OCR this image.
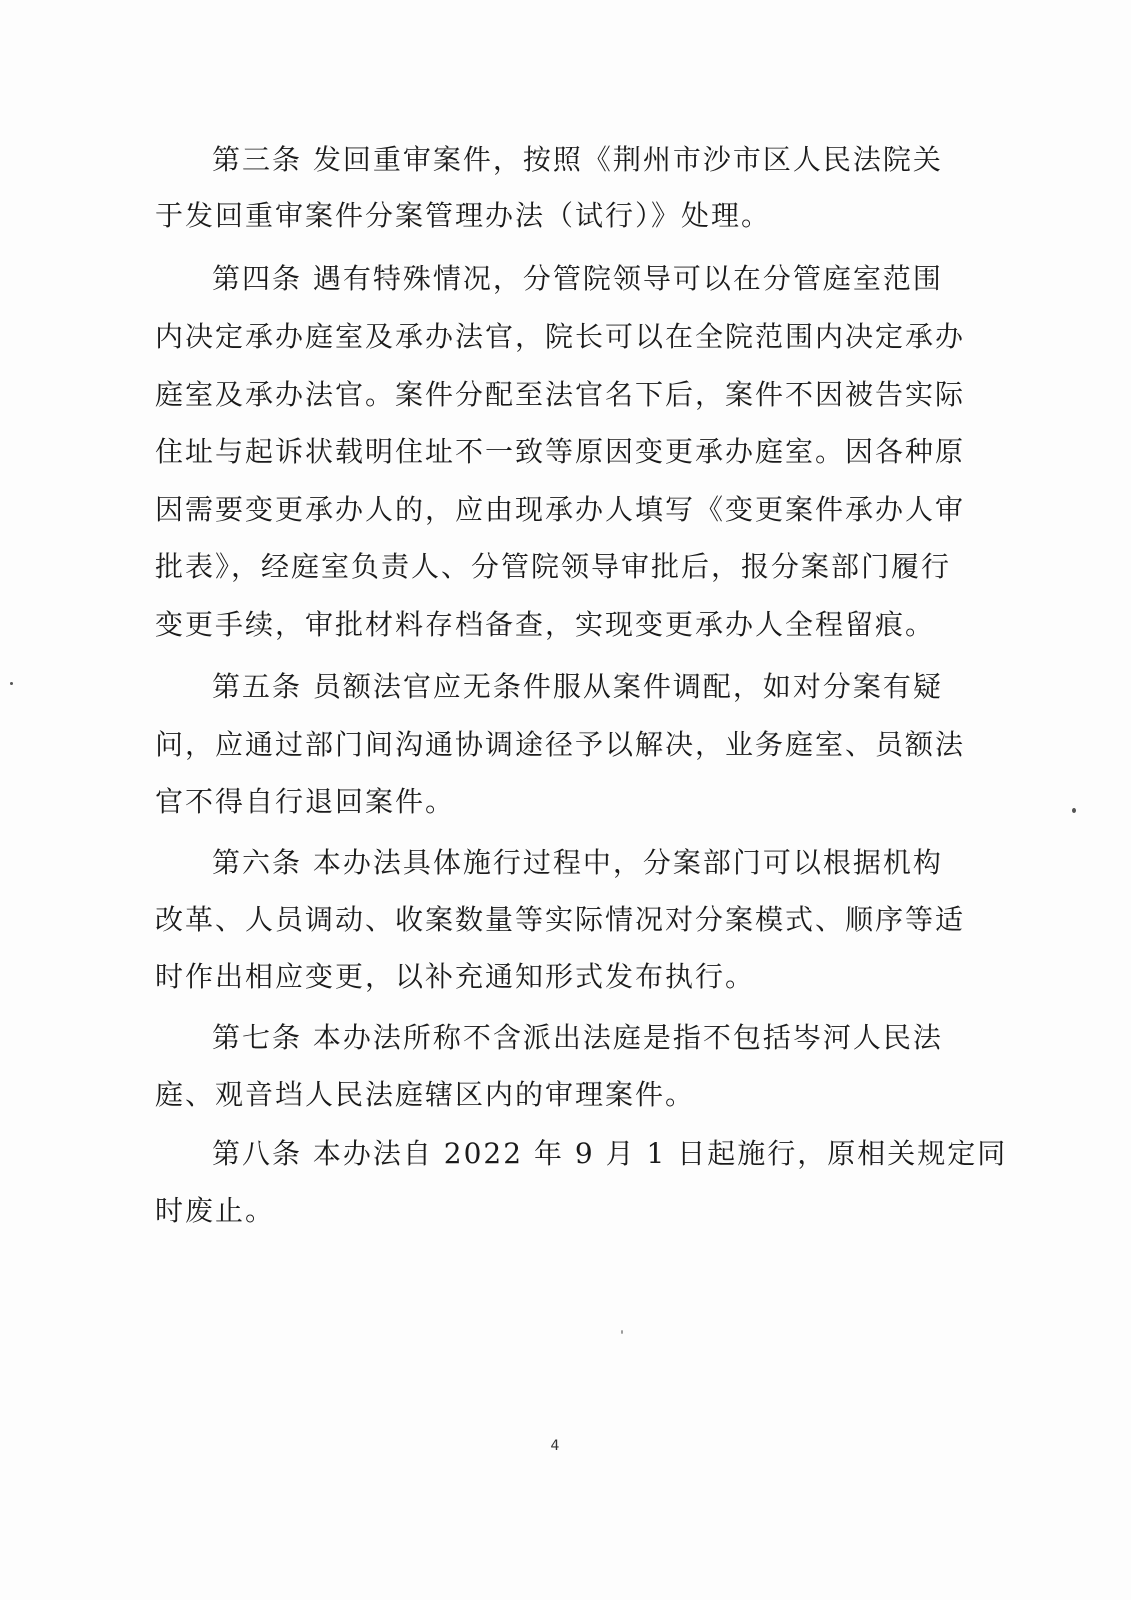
第三条 发回重审案件，按照《荆州市沙市区人民法院关
于发回重审案件分案管理办法（试行）》处理。
第四条 遇有特殊情况，分管院领导可以在分管庭室范围
内决定承办庭室及承办法官，院长可以在全院范围内决定承办
庭室及承办法官。案件分配至法官名下后，案件不因被告实际
住址与起诉状载明住址不一致等原因变更承办庭室。因各种原
因需要变更承办人的，应由现承办人填写《变更案件承办人审
批表》，经庭室负责人、分管院领导审批后，报分案部门履行
变更手续，审批材料存档备查，实现变更承办人全程留痕。
第五条 员额法官应无条件服从案件调配，如对分案有疑
问，应通过部门间沟通协调途径予以解决，业务庭室、员额法
官不得自行退回案件。
第六条 本办法具体施行过程中，分案部门可以根据机构
改革、人员调动、收案数量等实际情况对分案模式、顺序等适
时作出相应变更，以补充通知形式发布执行。
第七条 本办法所称不含派出法庭是指不包括岑河人民法
庭、观音垱人民法庭辖区内的审理案件。
第八条 本办法自 2022 年 9 月 1 日起施行，原相关规定同
时废止。
4
